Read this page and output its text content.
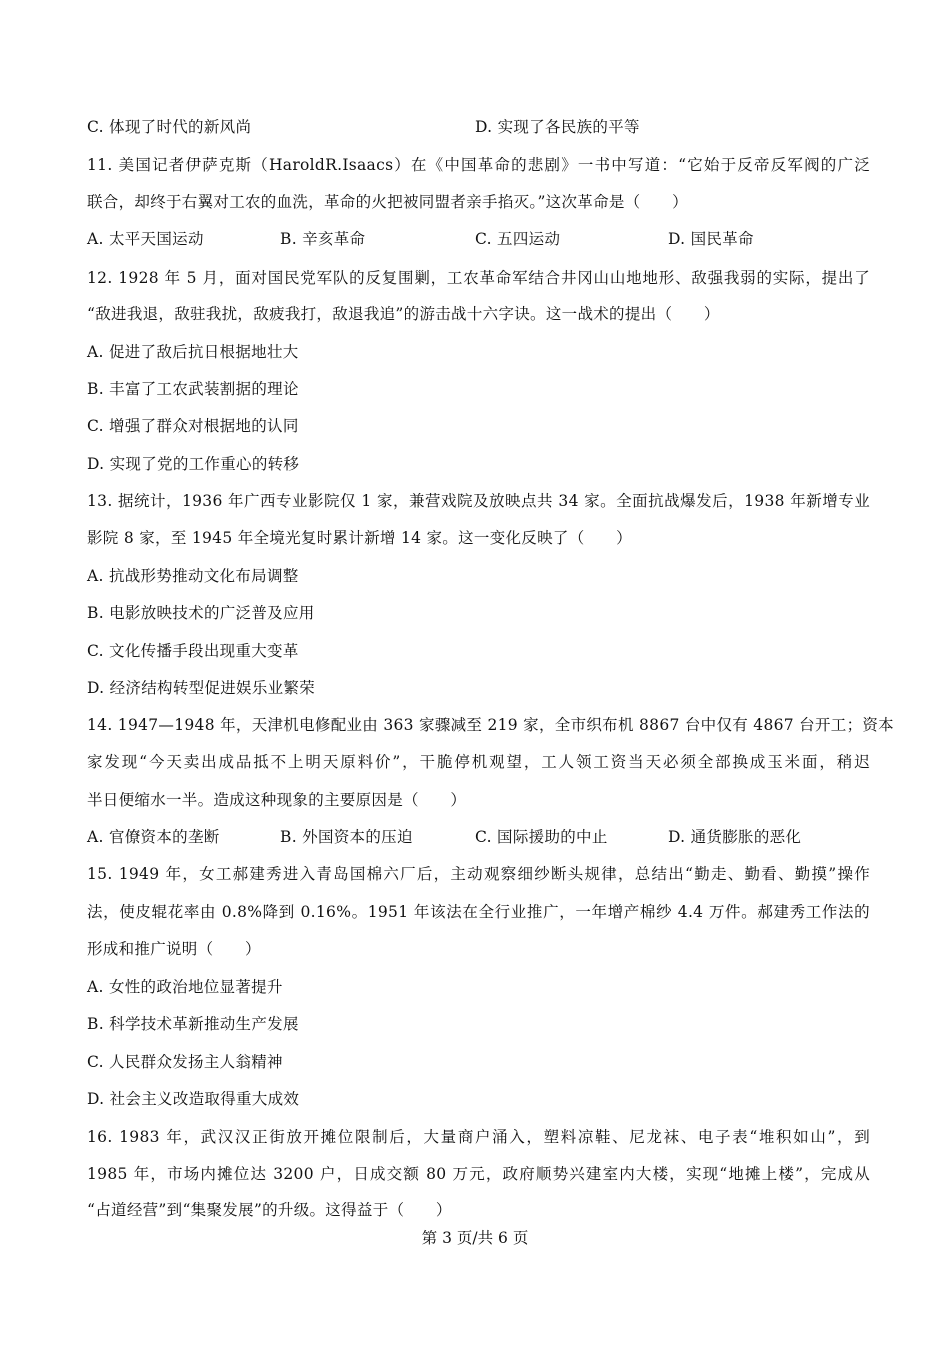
C. 体现了时代的新风尚	D. 实现了各民族的平等
11. 美国记者伊萨克斯（HaroldR.Isaacs）在《中国革命的悲剧》一书中写道：“它始于反帝反军阀的广泛
联合，却终于右翼对工农的血洗，革命的火把被同盟者亲手掐灭。”这次革命是（　　）
A. 太平天国运动	B. 辛亥革命	C. 五四运动	D. 国民革命
12. 1928 年 5 月，面对国民党军队的反复围剿，工农革命军结合井冈山山地地形、敌强我弱的实际，提出了
“敌进我退，敌驻我扰，敌疲我打，敌退我追”的游击战十六字诀。这一战术的提出（　　）
A. 促进了敌后抗日根据地壮大
B. 丰富了工农武装割据的理论
C. 增强了群众对根据地的认同
D. 实现了党的工作重心的转移
13. 据统计，1936 年广西专业影院仅 1 家，兼营戏院及放映点共 34 家。全面抗战爆发后，1938 年新增专业
影院 8 家，至 1945 年全境光复时累计新增 14 家。这一变化反映了（　　）
A. 抗战形势推动文化布局调整
B. 电影放映技术的广泛普及应用
C. 文化传播手段出现重大变革
D. 经济结构转型促进娱乐业繁荣
14. 1947—1948 年，天津机电修配业由 363 家骤减至 219 家，全市织布机 8867 台中仅有 4867 台开工；资本
家发现“今天卖出成品抵不上明天原料价”，干脆停机观望，工人领工资当天必须全部换成玉米面，稍迟
半日便缩水一半。造成这种现象的主要原因是（　　）
A. 官僚资本的垄断	B. 外国资本的压迫	C. 国际援助的中止	D. 通货膨胀的恶化
15. 1949 年，女工郝建秀进入青岛国棉六厂后，主动观察细纱断头规律，总结出“勤走、勤看、勤摸”操作
法，使皮辊花率由 0.8%降到 0.16%。1951 年该法在全行业推广，一年增产棉纱 4.4 万件。郝建秀工作法的
形成和推广说明（　　）
A. 女性的政治地位显著提升
B. 科学技术革新推动生产发展
C. 人民群众发扬主人翁精神
D. 社会主义改造取得重大成效
16. 1983 年，武汉汉正街放开摊位限制后，大量商户涌入，塑料凉鞋、尼龙袜、电子表“堆积如山”，到
1985 年，市场内摊位达 3200 户，日成交额 80 万元，政府顺势兴建室内大楼，实现“地摊上楼”，完成从
“占道经营”到“集聚发展”的升级。这得益于（　　）
第 3 页/共 6 页
